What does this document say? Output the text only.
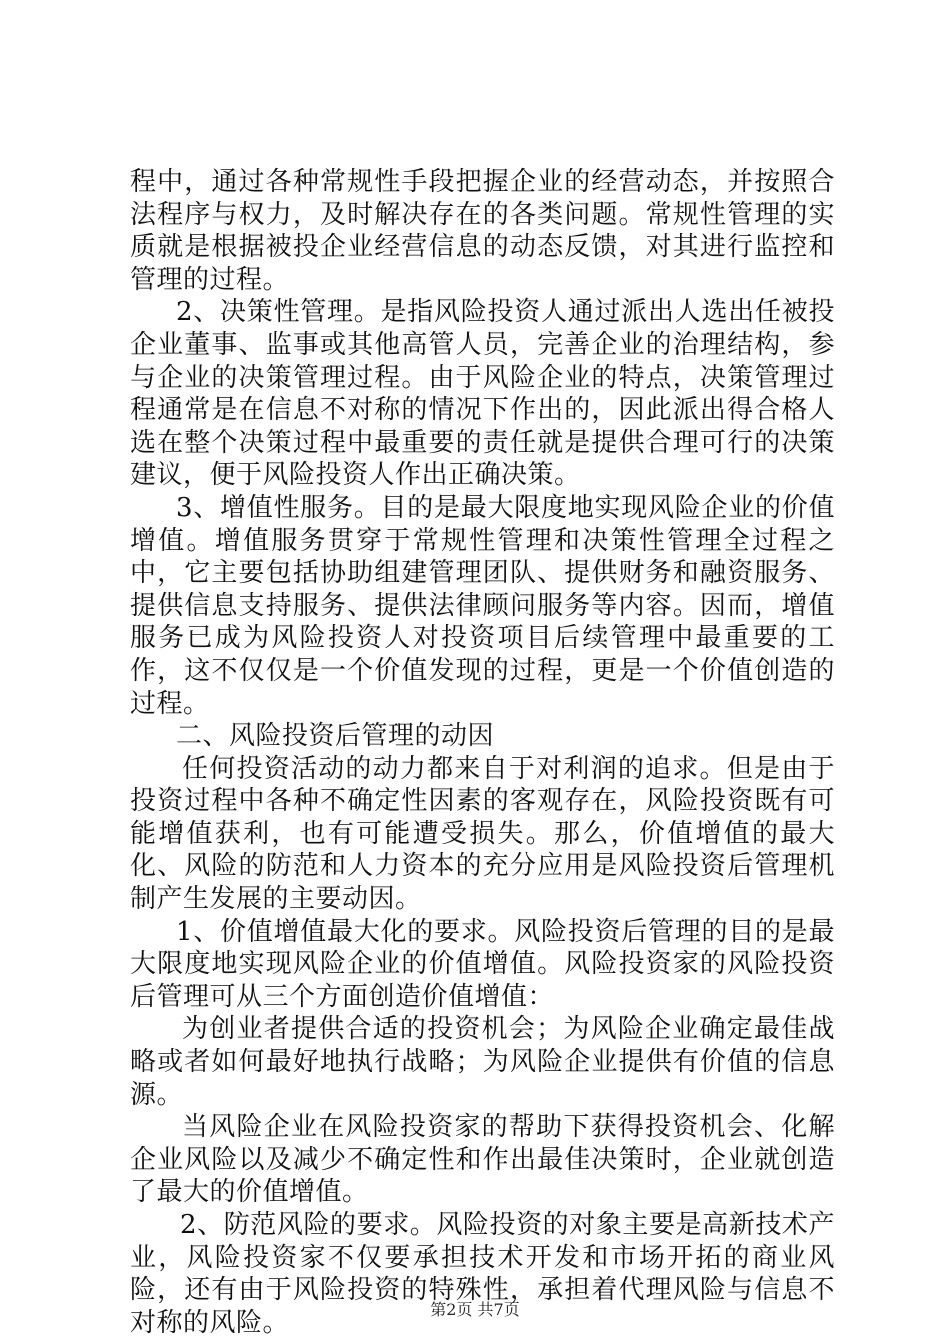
程中，通过各种常规性手段把握企业的经营动态，并按照合法程序与权力，及时解决存在的各类问题。常规性管理的实质就是根据被投企业经营信息的动态反馈，对其进行监控和管理的过程。

2、决策性管理。是指风险投资人通过派出人选出任被投企业董事、监事或其他高管人员，完善企业的治理结构，参与企业的决策管理过程。由于风险企业的特点，决策管理过程通常是在信息不对称的情况下作出的，因此派出得合格人选在整个决策过程中最重要的责任就是提供合理可行的决策建议，便于风险投资人作出正确决策。

3、增值性服务。目的是最大限度地实现风险企业的价值增值。增值服务贯穿于常规性管理和决策性管理全过程之中，它主要包括协助组建管理团队、提供财务和融资服务、提供信息支持服务、提供法律顾问服务等内容。因而，增值服务已成为风险投资人对投资项目后续管理中最重要的工作，这不仅仅是一个价值发现的过程，更是一个价值创造的过程。

二、风险投资后管理的动因

任何投资活动的动力都来自于对利润的追求。但是由于投资过程中各种不确定性因素的客观存在，风险投资既有可能增值获利，也有可能遭受损失。那么，价值增值的最大化、风险的防范和人力资本的充分应用是风险投资后管理机制产生发展的主要动因。

1、价值增值最大化的要求。风险投资后管理的目的是最大限度地实现风险企业的价值增值。风险投资家的风险投资后管理可从三个方面创造价值增值：

为创业者提供合适的投资机会；为风险企业确定最佳战略或者如何最好地执行战略；为风险企业提供有价值的信息源。

当风险企业在风险投资家的帮助下获得投资机会、化解企业风险以及减少不确定性和作出最佳决策时，企业就创造了最大的价值增值。

2、防范风险的要求。风险投资的对象主要是高新技术产业，风险投资家不仅要承担技术开发和市场开拓的商业风险，还有由于风险投资的特殊性，承担着代理风险与信息不对称的风险。	第2页 共7页
